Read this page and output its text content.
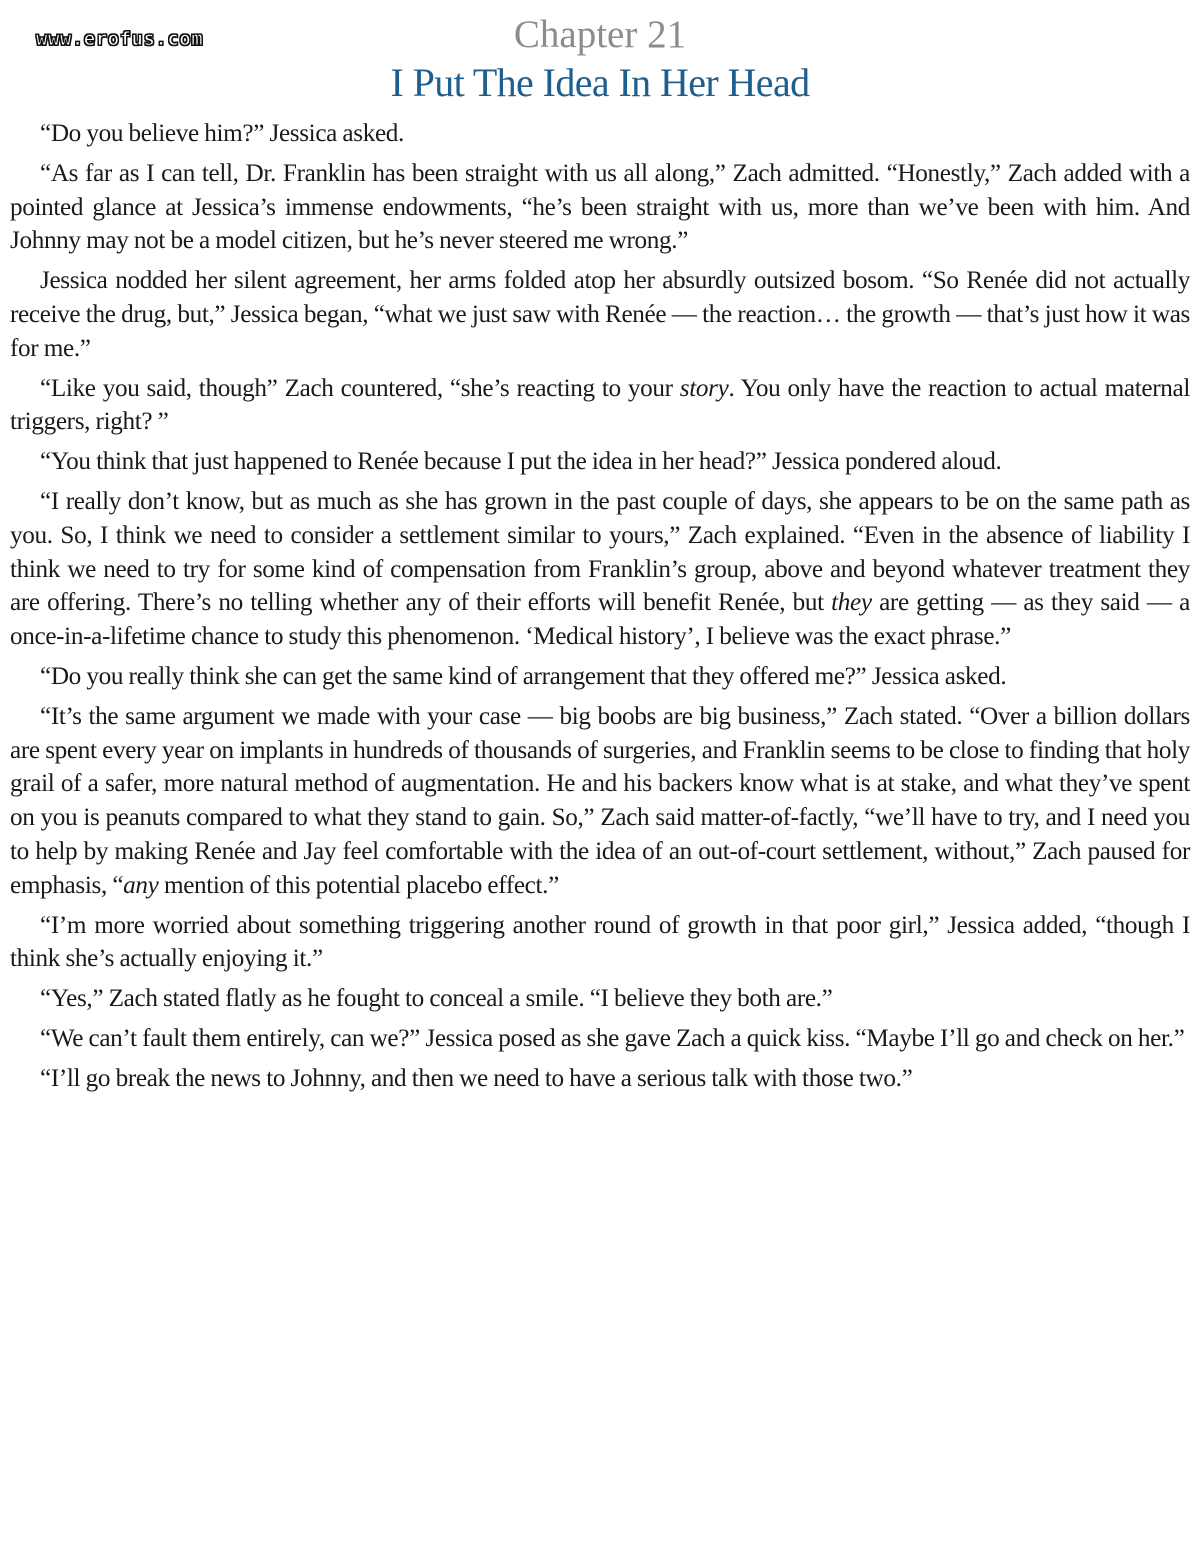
www.erofus.com	Chapter 21
I Put The Idea In Her Head

“Do you believe him?” Jessica asked.

“As far as I can tell, Dr. Franklin has been straight with us all along,” Zach admitted. “Honestly,” Zach added with a pointed glance at Jessica’s immense endowments, “he’s been straight with us, more than we’ve been with him. And Johnny may not be a model citizen, but he’s never steered me wrong.”

Jessica nodded her silent agreement, her arms folded atop her absurdly outsized bosom. “So Renée did not actually receive the drug, but,” Jessica began, “what we just saw with Renée — the reaction… the growth — that’s just how it was for me.”

“Like you said, though” Zach countered, “she’s reacting to your story. You only have the reaction to actual maternal triggers, right? ”

“You think that just happened to Renée because I put the idea in her head?” Jessica pondered aloud.

“I really don’t know, but as much as she has grown in the past couple of days, she appears to be on the same path as you. So, I think we need to consider a settlement similar to yours,” Zach explained. “Even in the absence of liability I think we need to try for some kind of compensation from Franklin’s group, above and beyond whatever treatment they are offering. There’s no telling whether any of their efforts will benefit Renée, but they are getting — as they said — a once-in-a-lifetime chance to study this phenomenon. ‘Medical history’, I believe was the exact phrase.”

“Do you really think she can get the same kind of arrangement that they offered me?” Jessica asked.

“It’s the same argument we made with your case — big boobs are big business,” Zach stated. “Over a billion dollars are spent every year on implants in hundreds of thousands of surgeries, and Franklin seems to be close to finding that holy grail of a safer, more natural method of augmentation. He and his backers know what is at stake, and what they’ve spent on you is peanuts compared to what they stand to gain. So,” Zach said matter-of-factly, “we’ll have to try, and I need you to help by making Renée and Jay feel comfortable with the idea of an out-of-court settlement, without,” Zach paused for emphasis, “any mention of this potential placebo effect.”

“I’m more worried about something triggering another round of growth in that poor girl,” Jessica added, “though I think she’s actually enjoying it.”

“Yes,” Zach stated flatly as he fought to conceal a smile. “I believe they both are.”

“We can’t fault them entirely, can we?” Jessica posed as she gave Zach a quick kiss. “Maybe I’ll go and check on her.”

“I’ll go break the news to Johnny, and then we need to have a serious talk with those two.”
